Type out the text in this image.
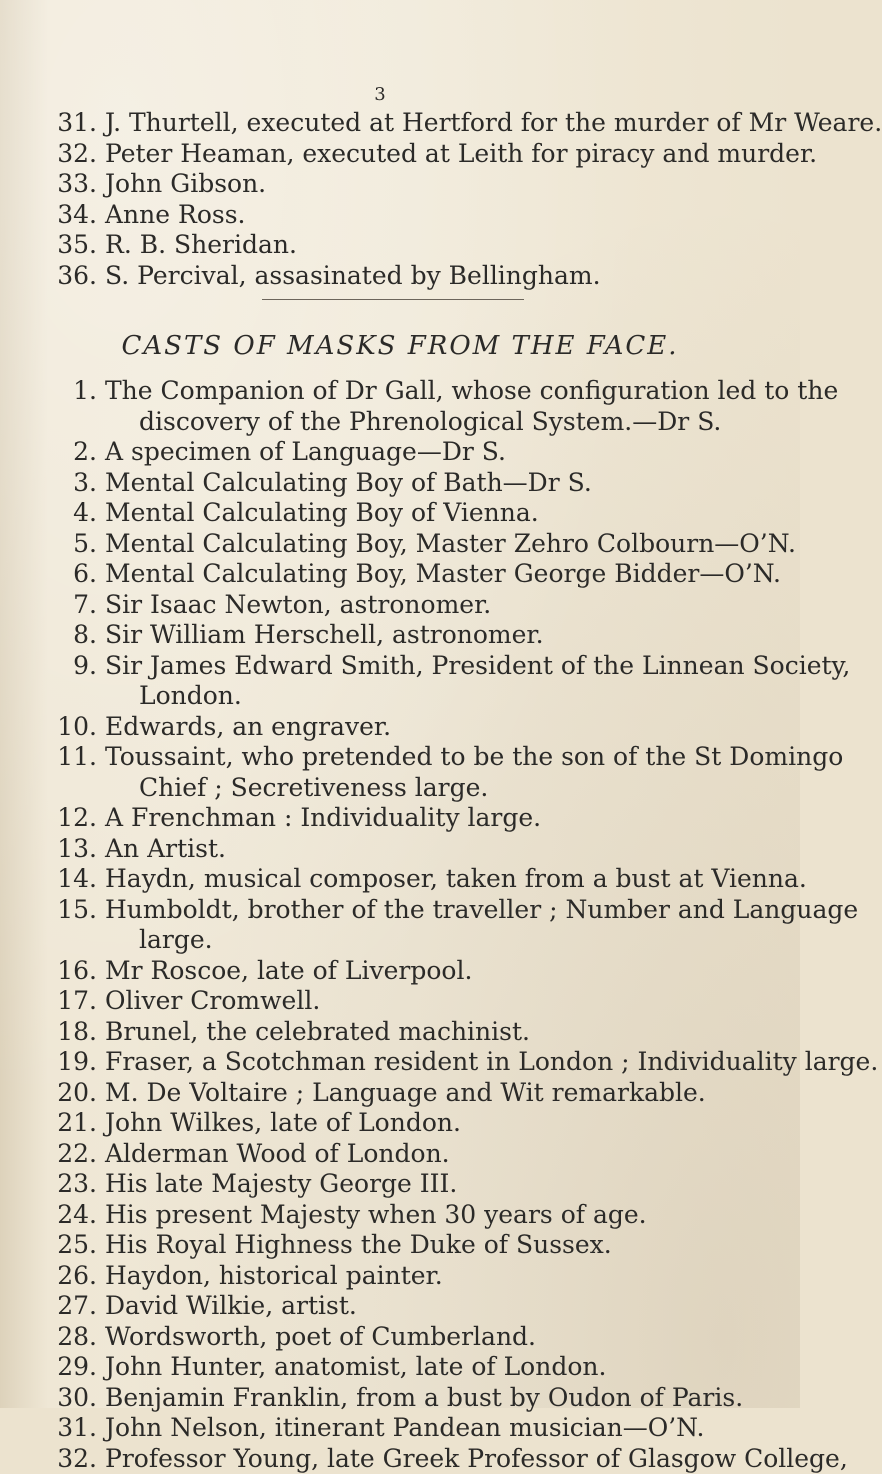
3
31. J. Thurtell, executed at Hertford for the murder of Mr Weare.
32. Peter Heaman, executed at Leith for piracy and murder.
33. John Gibson.
34. Anne Ross.
35. R. B. Sheridan.
36. S. Percival, assasinated by Bellingham.
CASTS OF MASKS FROM THE FACE.
1. The Companion of Dr Gall, whose configuration led to the
discovery of the Phrenological System.—Dr S.
2. A specimen of Language—Dr S.
3. Mental Calculating Boy of Bath—Dr S.
4. Mental Calculating Boy of Vienna.
5. Mental Calculating Boy, Master Zehro Colbourn—O’N.
6. Mental Calculating Boy, Master George Bidder—O’N.
7. Sir Isaac Newton, astronomer.
8. Sir William Herschell, astronomer.
9. Sir James Edward Smith, President of the Linnean Society,
London.
10. Edwards, an engraver.
11. Toussaint, who pretended to be the son of the St Domingo
Chief ; Secretiveness large.
12. A Frenchman : Individuality large.
13. An Artist.
14. Haydn, musical composer, taken from a bust at Vienna.
15. Humboldt, brother of the traveller ; Number and Language
large.
16. Mr Roscoe, late of Liverpool.
17. Oliver Cromwell.
18. Brunel, the celebrated machinist.
19. Fraser, a Scotchman resident in London ; Individuality large.
20. M. De Voltaire ; Language and Wit remarkable.
21. John Wilkes, late of London.
22. Alderman Wood of London.
23. His late Majesty George III.
24. His present Majesty when 30 years of age.
25. His Royal Highness the Duke of Sussex.
26. Haydon, historical painter.
27. David Wilkie, artist.
28. Wordsworth, poet of Cumberland.
29. John Hunter, anatomist, late of London.
30. Benjamin Franklin, from a bust by Oudon of Paris.
31. John Nelson, itinerant Pandean musician—O’N.
32. Professor Young, late Greek Professor of Glasgow College,
